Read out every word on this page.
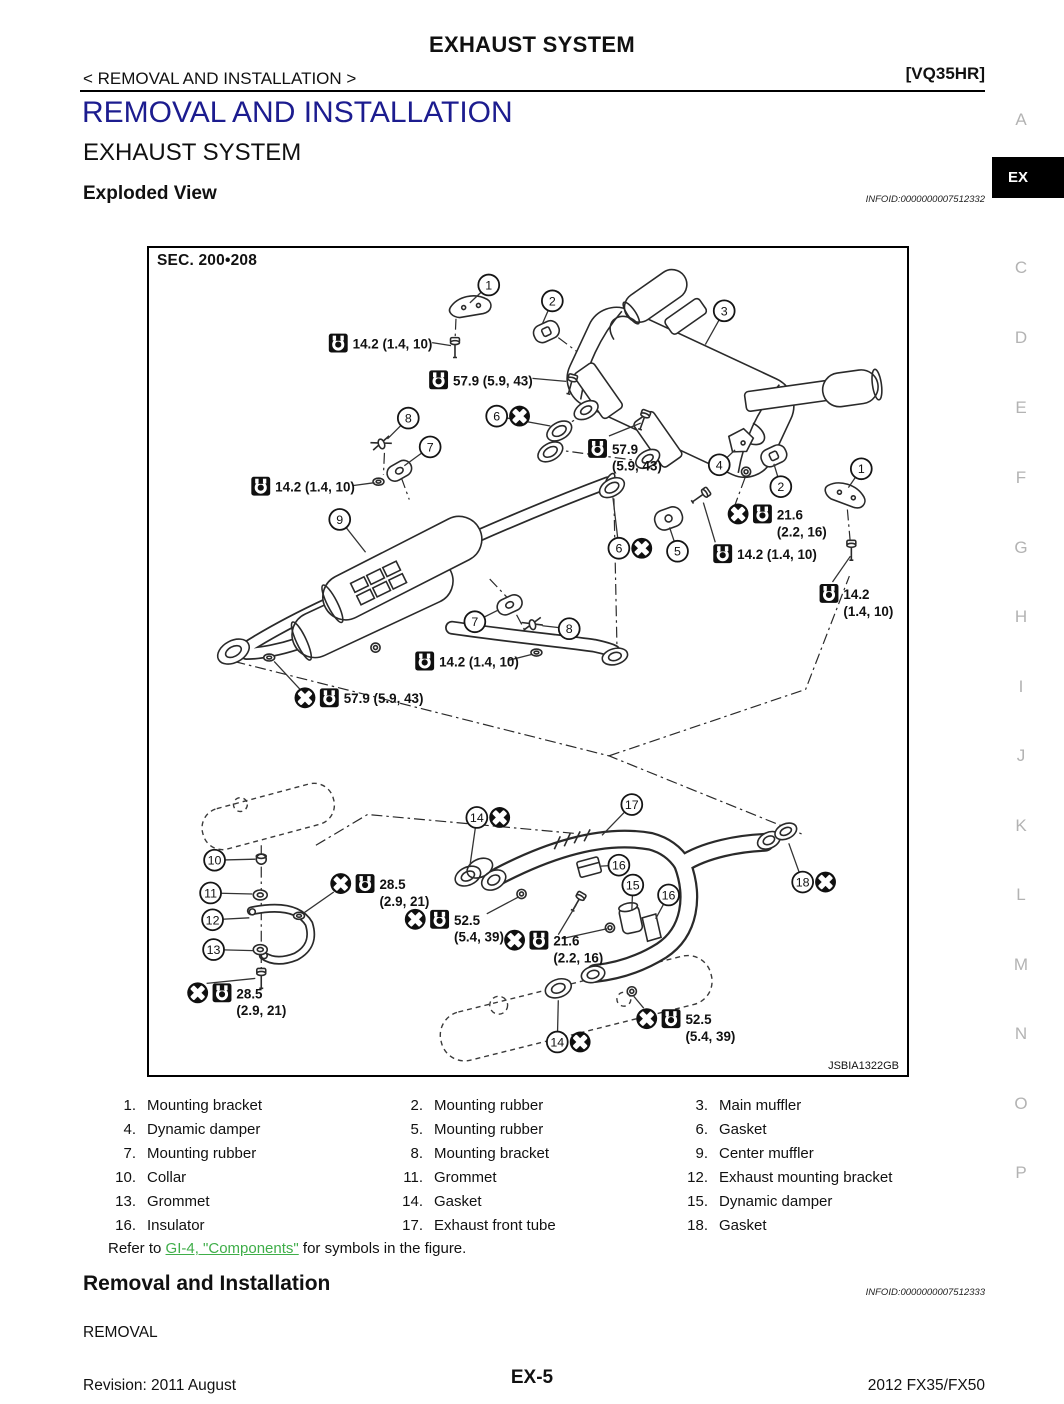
EXHAUST SYSTEM
< REMOVAL AND INSTALLATION >	[VQ35HR]
REMOVAL AND INSTALLATION
EXHAUST SYSTEM
Exploded View	INFOID:0000000007512332
A
EX
C
D
E
F
G
H
I
J
K
L
M
N
O
P
1
2
3
8	6
7
4
2
1
9
6	5
7	8
10
11
12
13
14
17
16
15
16
18
14
14.2 (1.4, 10)
57.9 (5.9, 43)
57.9
(5.9, 43)
14.2 (1.4, 10)
21.6
(2.2, 16)
14.2 (1.4, 10)
14.2
(1.4, 10)
14.2 (1.4, 10)
57.9 (5.9, 43)
28.5
(2.9, 21)
52.5
(5.4, 39)	21.6
(2.2, 16)
28.5
(2.9, 21)
52.5
(5.4, 39)
SEC. 200•208
JSBIA1322GB
1. Mounting bracket	2. Mounting rubber	3. Main muffler
4. Dynamic damper	5. Mounting rubber	6. Gasket
7. Mounting rubber	8. Mounting bracket	9. Center muffler
10. Collar	11. Grommet	12. Exhaust mounting bracket
13. Grommet	14. Gasket	15. Dynamic damper
16. Insulator	17. Exhaust front tube	18. Gasket
Refer to GI-4, "Components" for symbols in the figure.
Removal and Installation	INFOID:0000000007512333
REMOVAL
Revision: 2011 August	EX-5	2012 FX35/FX50
